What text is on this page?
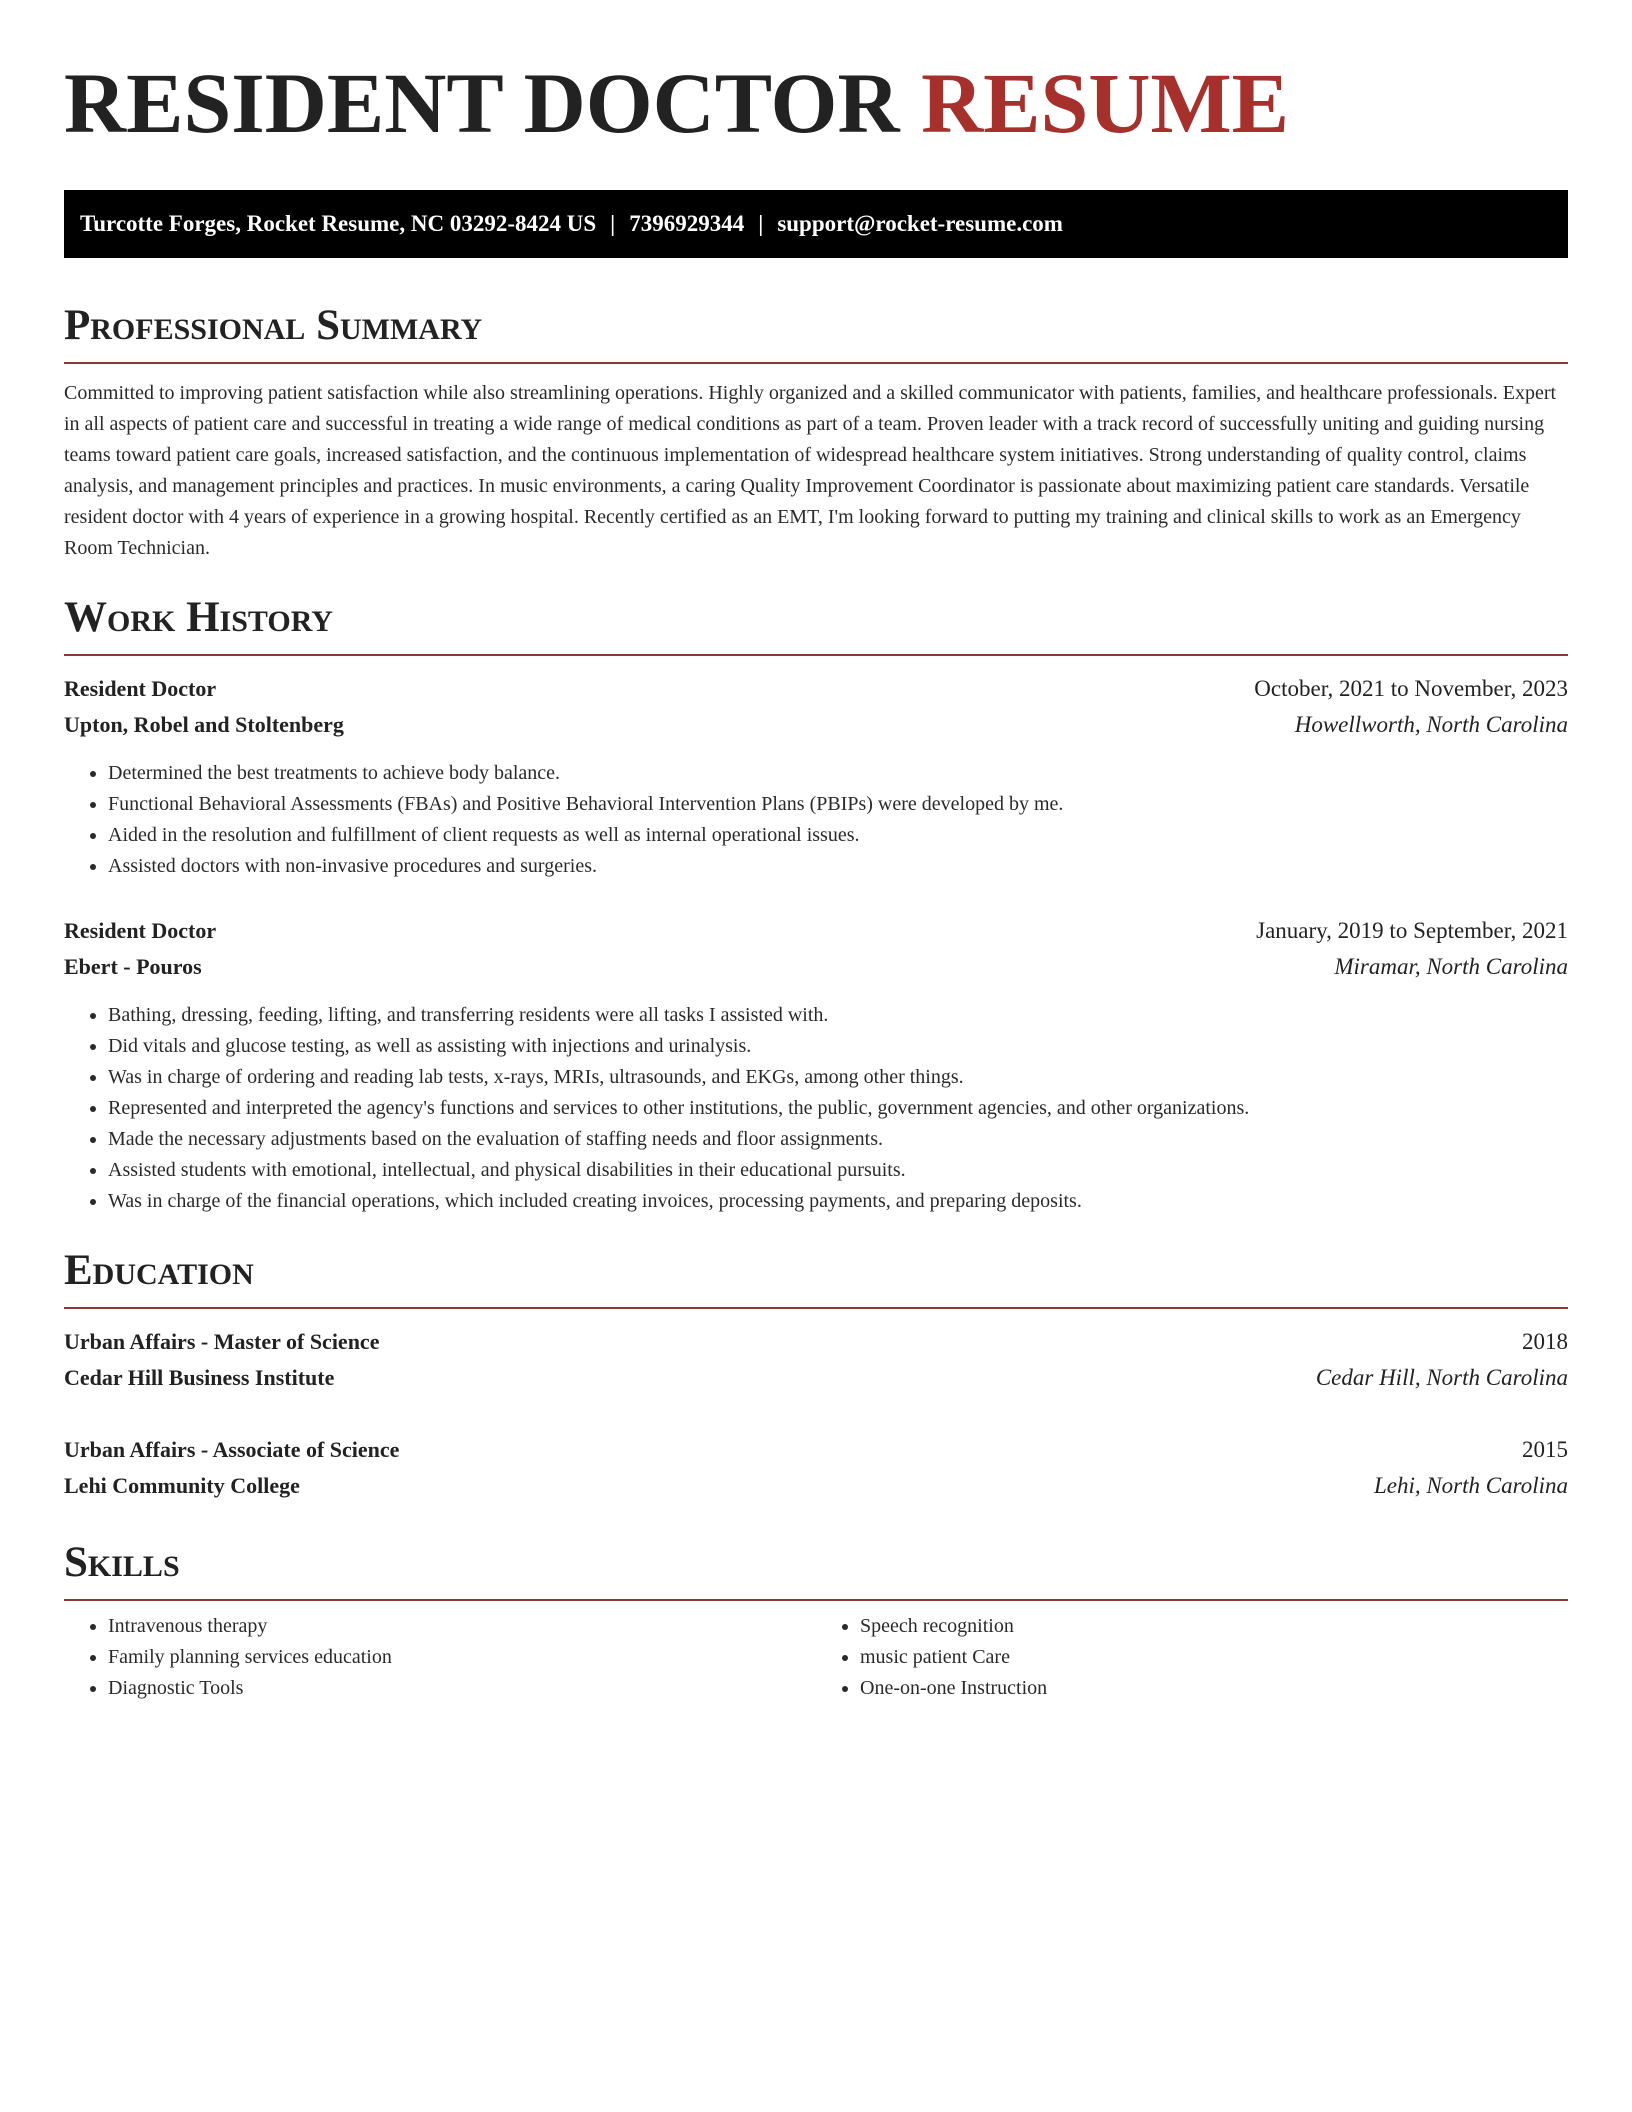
RESIDENT DOCTOR RESUME
Turcotte Forges, Rocket Resume, NC 03292-8424 US | 7396929344 | support@rocket-resume.com
Professional Summary

Committed to improving patient satisfaction while also streamlining operations. Highly organized and a skilled communicator with patients, families, and healthcare professionals. Expert in all aspects of patient care and successful in treating a wide range of medical conditions as part of a team. Proven leader with a track record of successfully uniting and guiding nursing teams toward patient care goals, increased satisfaction, and the continuous implementation of widespread healthcare system initiatives. Strong understanding of quality control, claims analysis, and management principles and practices. In music environments, a caring Quality Improvement Coordinator is passionate about maximizing patient care standards. Versatile resident doctor with 4 years of experience in a growing hospital. Recently certified as an EMT, I'm looking forward to putting my training and clinical skills to work as an Emergency Room Technician.

Work History
Resident Doctor	October, 2021 to November, 2023
Upton, Robel and Stoltenberg	Howellworth, North Carolina
• Determined the best treatments to achieve body balance.
• Functional Behavioral Assessments (FBAs) and Positive Behavioral Intervention Plans (PBIPs) were developed by me.
• Aided in the resolution and fulfillment of client requests as well as internal operational issues.
• Assisted doctors with non-invasive procedures and surgeries.
Resident Doctor	January, 2019 to September, 2021
Ebert - Pouros	Miramar, North Carolina
• Bathing, dressing, feeding, lifting, and transferring residents were all tasks I assisted with.
• Did vitals and glucose testing, as well as assisting with injections and urinalysis.
• Was in charge of ordering and reading lab tests, x-rays, MRIs, ultrasounds, and EKGs, among other things.
• Represented and interpreted the agency's functions and services to other institutions, the public, government agencies, and other organizations.
• Made the necessary adjustments based on the evaluation of staffing needs and floor assignments.
• Assisted students with emotional, intellectual, and physical disabilities in their educational pursuits.
• Was in charge of the financial operations, which included creating invoices, processing payments, and preparing deposits.
Education
Urban Affairs - Master of Science	2018
Cedar Hill Business Institute	Cedar Hill, North Carolina
Urban Affairs - Associate of Science	2015
Lehi Community College	Lehi, North Carolina
Skills
• Intravenous therapy
• Family planning services education
• Diagnostic Tools
• Speech recognition
• music patient Care
• One-on-one Instruction
